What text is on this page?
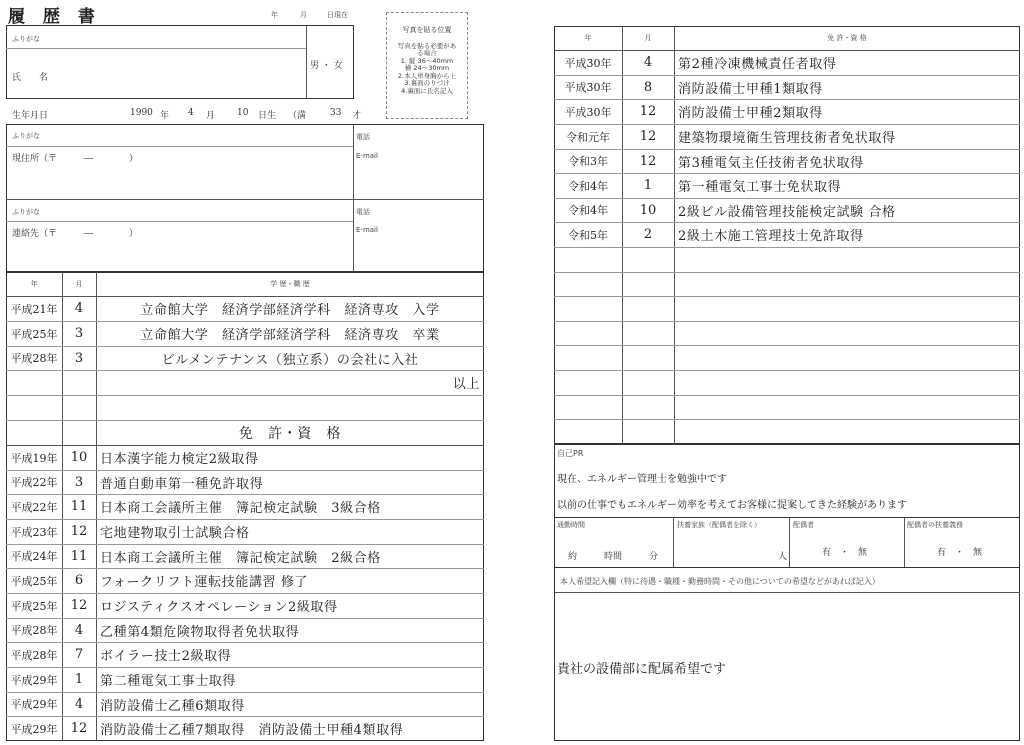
履 歴 書	年	月	日現在
写真を貼る位置
写真を貼る必要があ
る場合
1. 縦 36〜40mm
横 24〜30mm
2.本人単身胸から上
3.裏面のりづけ
4.裏面に氏名記入
ふりがな
氏　　名
男 ・ 女
生年月日	1990 年 4 月 10 日生 （満	33 才
ふりがな
現住所（〒　　　―　　　　）
電話
E-mail
ふりがな
連絡先（〒　　　―　　　　）
電話
E-mail
年	月	学 歴・職 歴
平成21年	4	立命館大学　経済学部経済学科　経済専攻　入学
平成25年	3	立命館大学　経済学部経済学科　経済専攻　卒業
平成28年	3	ビルメンテナンス（独立系）の会社に入社
以上
免　許・資　格
平成19年	10 日本漢字能力検定2級取得
平成22年	3	普通自動車第一種免許取得
平成22年	11 日本商工会議所主催　簿記検定試験　3級合格
平成23年	12 宅地建物取引士試験合格
平成24年	11 日本商工会議所主催　簿記検定試験　2級合格
平成25年	6	フォークリフト運転技能講習 修了
平成25年	12 ロジスティクスオペレーション2級取得
平成28年	4	乙種第4類危険物取得者免状取得
平成28年	7	ボイラー技士2級取得
平成29年	1	第二種電気工事士取得
平成29年	4	消防設備士乙種6類取得
平成29年	12 消防設備士乙種7類取得　消防設備士甲種4類取得
年	月	免 許・資 格
平成30年	4	第2種冷凍機械責任者取得
平成30年	8	消防設備士甲種1類取得
平成30年	12	消防設備士甲種2類取得
令和元年	12	建築物環境衛生管理技術者免状取得
令和3年	12	第3種電気主任技術者免状取得
令和4年	1	第一種電気工事士免状取得
令和4年	10	2級ビル設備管理技能検定試験 合格
令和5年	2	2級土木施工管理技士免許取得
自己PR
現在、エネルギー管理士を勉強中です
以前の仕事でもエネルギー効率を考えてお客様に提案してきた経験があります
通勤時間
約　　　時間　　　分
扶養家族（配偶者を除く）
人
配偶者
有　・　無
配偶者の扶養義務
有　・　無
本人希望記入欄（特に待遇・職種・勤務時間・その他についての希望などがあれば記入）
貴社の設備部に配属希望です
